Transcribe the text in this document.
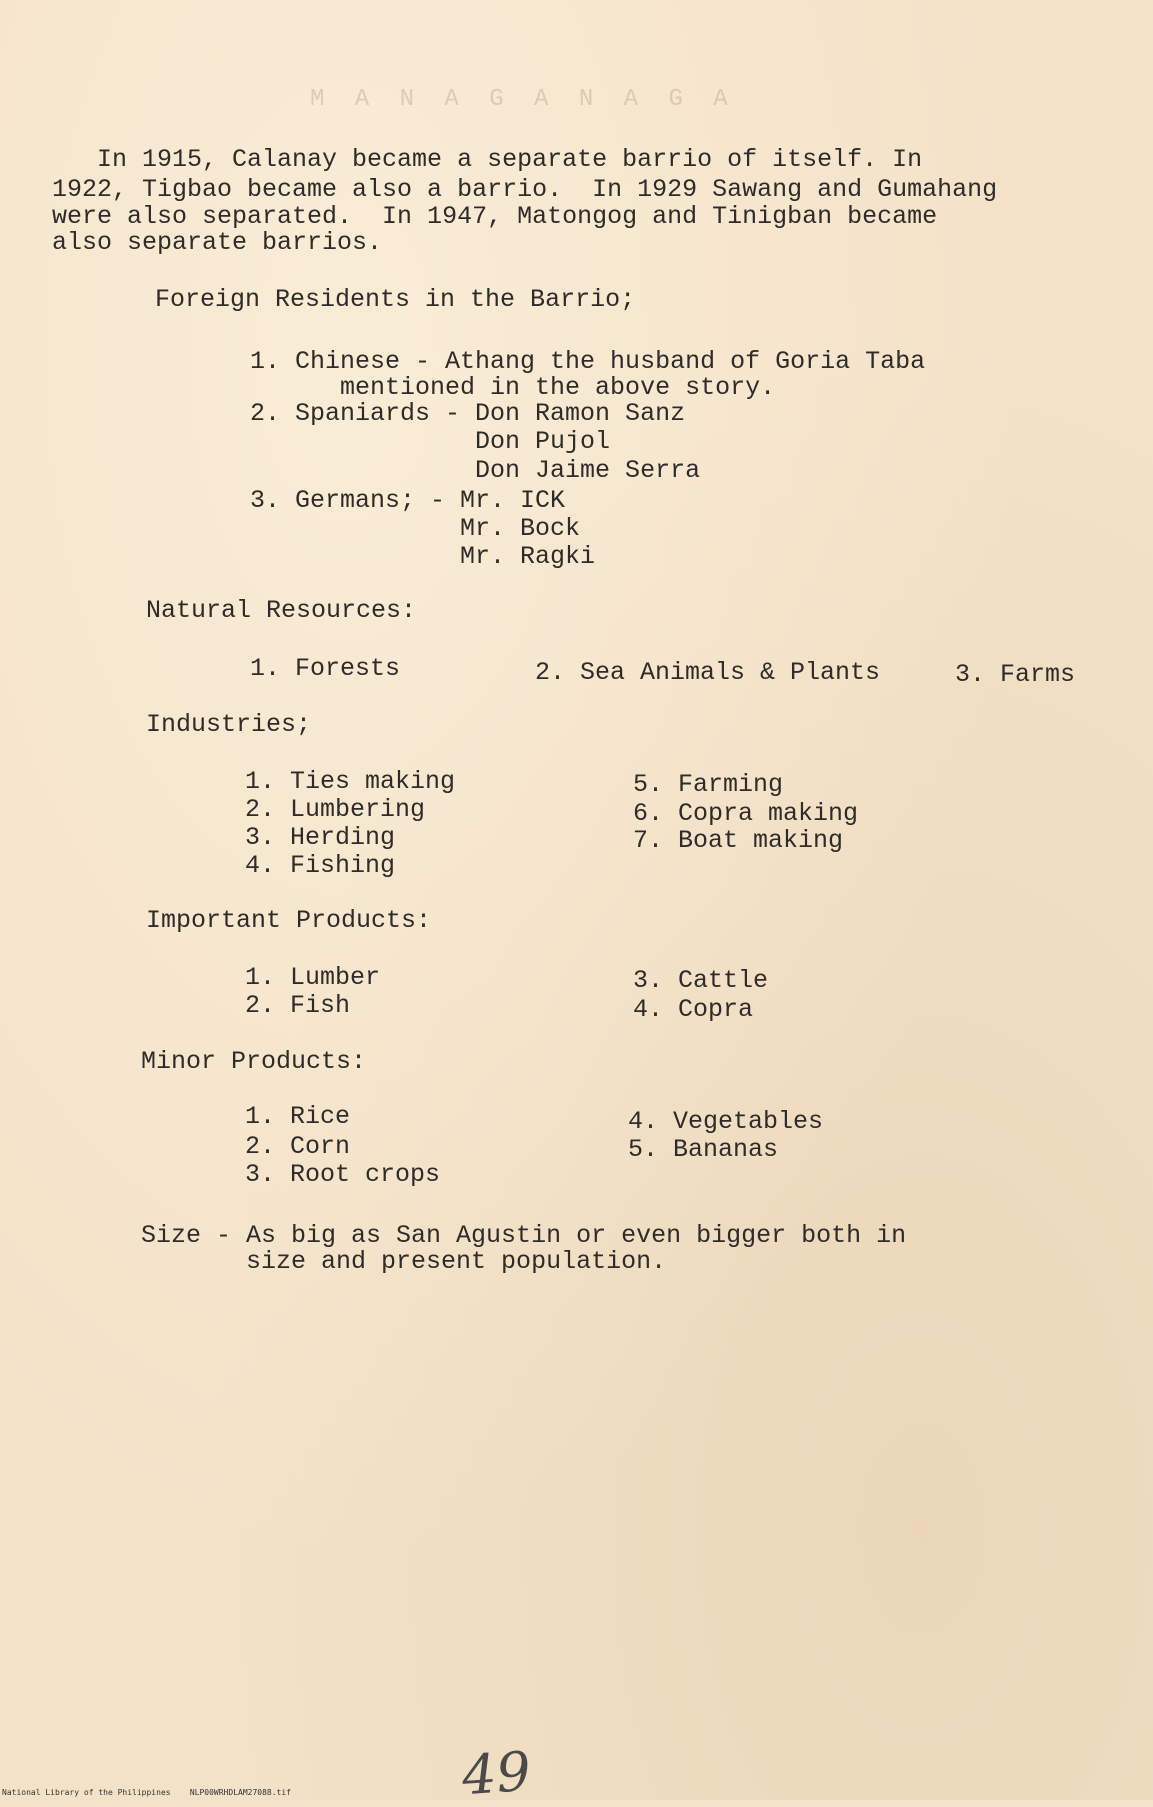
M A N A G A N A G A
In 1915, Calanay became a separate barrio of itself. In
1922, Tigbao became also a barrio.  In 1929 Sawang and Gumahang
were also separated.  In 1947, Matongog and Tinigban became
also separate barrios.
Foreign Residents in the Barrio;
1. Chinese - Athang the husband of Goria Taba
mentioned in the above story.
2. Spaniards - Don Ramon Sanz
Don Pujol
Don Jaime Serra
3. Germans; - Mr. ICK
Mr. Bock
Mr. Ragki
Natural Resources:
1. Forests	2. Sea Animals & Plants	3. Farms
Industries;
1. Ties making
2. Lumbering
3. Herding
4. Fishing
5. Farming
6. Copra making
7. Boat making
Important Products:
1. Lumber
2. Fish
3. Cattle
4. Copra
Minor Products:
1. Rice
2. Corn
3. Root crops
4. Vegetables
5. Bananas
Size - As big as San Agustin or even bigger both in
size and present population.
49
National Library of the Philippines    NLP00WRHDLAM27088.tif
